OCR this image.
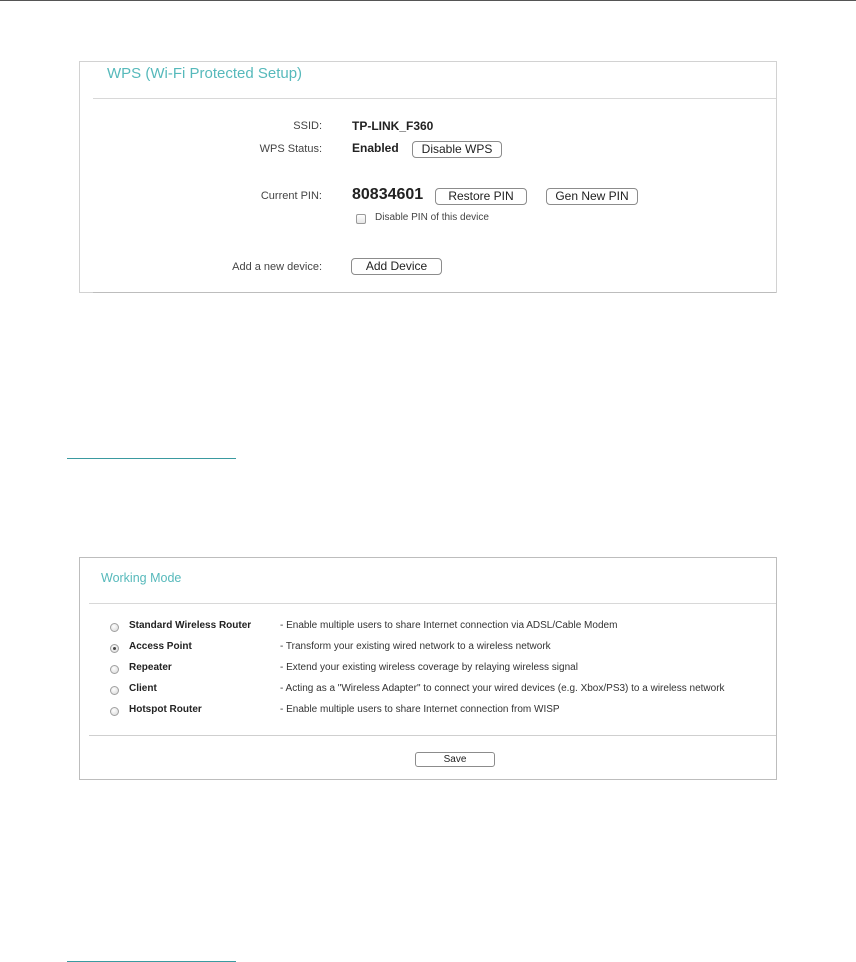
WPS (Wi-Fi Protected Setup)
SSID:	TP-LINK_F360
WPS Status:	Enabled	Disable WPS
Current PIN: 80834601	Restore PIN	Gen New PIN
Disable PIN of this device
Add a new device:	Add Device
Working Mode
Standard Wireless Router	- Enable multiple users to share Internet connection via ADSL/Cable Modem
Access Point	- Transform your existing wired network to a wireless network
Repeater	- Extend your existing wireless coverage by relaying wireless signal
Client	- Acting as a "Wireless Adapter" to connect your wired devices (e.g. Xbox/PS3) to a wireless network
Hotspot Router	- Enable multiple users to share Internet connection from WISP
Save
